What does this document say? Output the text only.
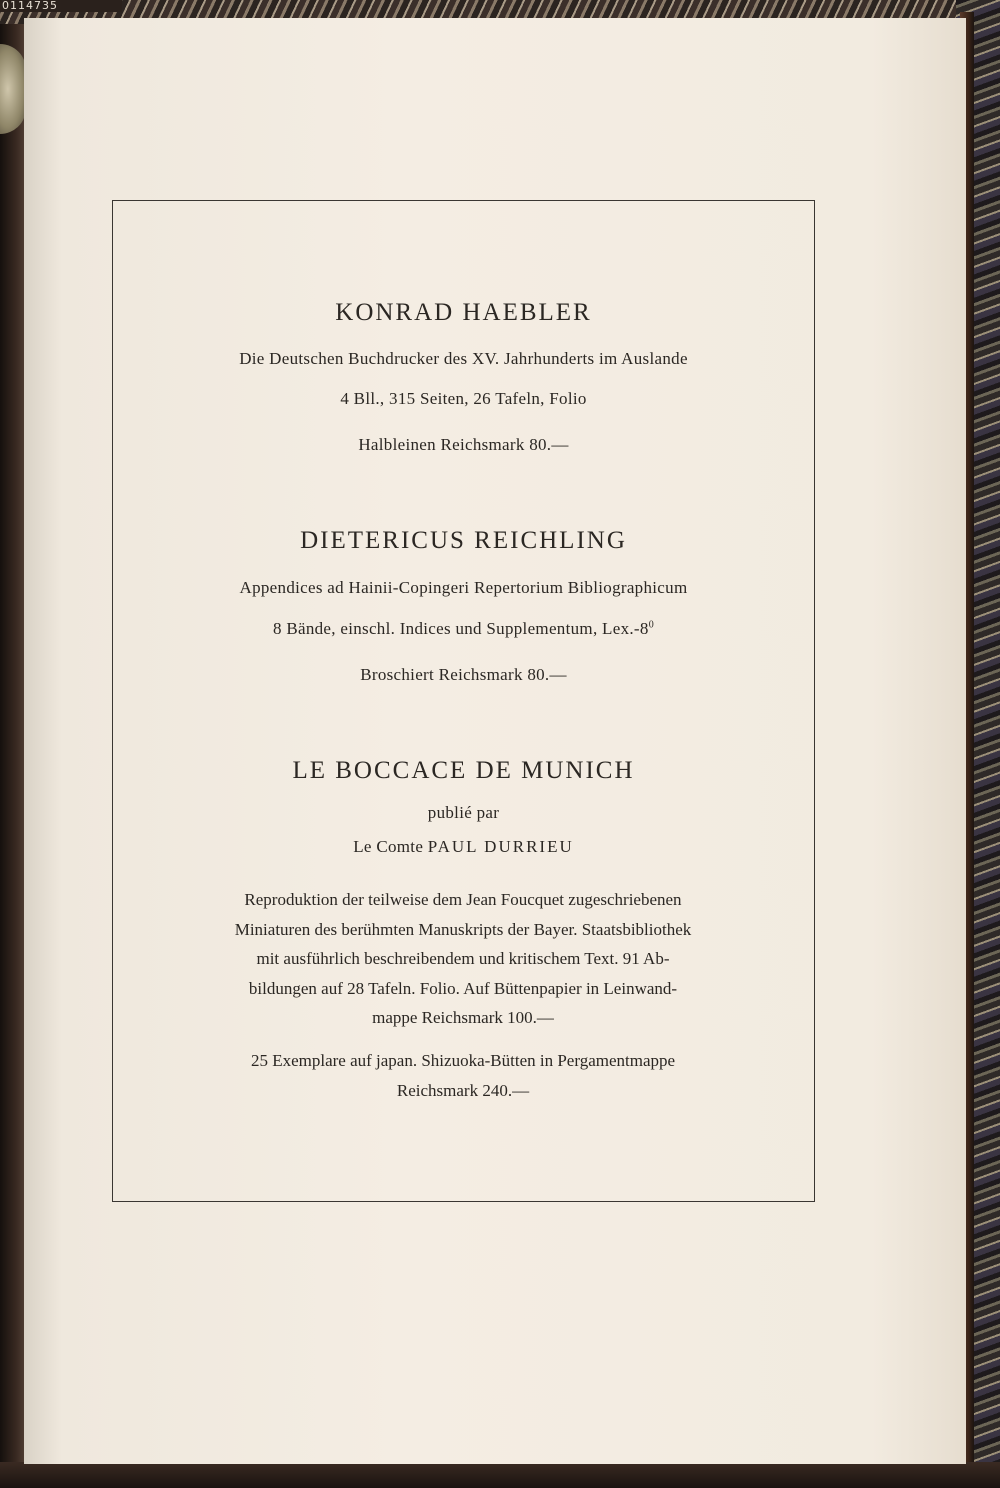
0114735
KONRAD HAEBLER
Die Deutschen Buchdrucker des XV. Jahrhunderts im Auslande
4 Bll., 315 Seiten, 26 Tafeln, Folio
Halbleinen Reichsmark 80.—
DIETERICUS REICHLING
Appendices ad Hainii-Copingeri Repertorium Bibliographicum
8 Bände, einschl. Indices und Supplementum, $Lex.-8^0$
Broschiert Reichsmark 80.—
LE BOCCACE DE MUNICH
publié par
Le Comte PAUL DURRIEU
Reproduktion der teilweise dem Jean Foucquet zugeschriebenen
Miniaturen des berühmten Manuskripts der Bayer. Staatsbibliothek
mit ausführlich beschreibendem und kritischem Text. 91 Ab-
bildungen auf 28 Tafeln. Folio. Auf Büttenpapier in Leinwand-
mappe Reichsmark 100.—
25 Exemplare auf japan. Shizuoka-Bütten in Pergamentmappe
Reichsmark 240.—
